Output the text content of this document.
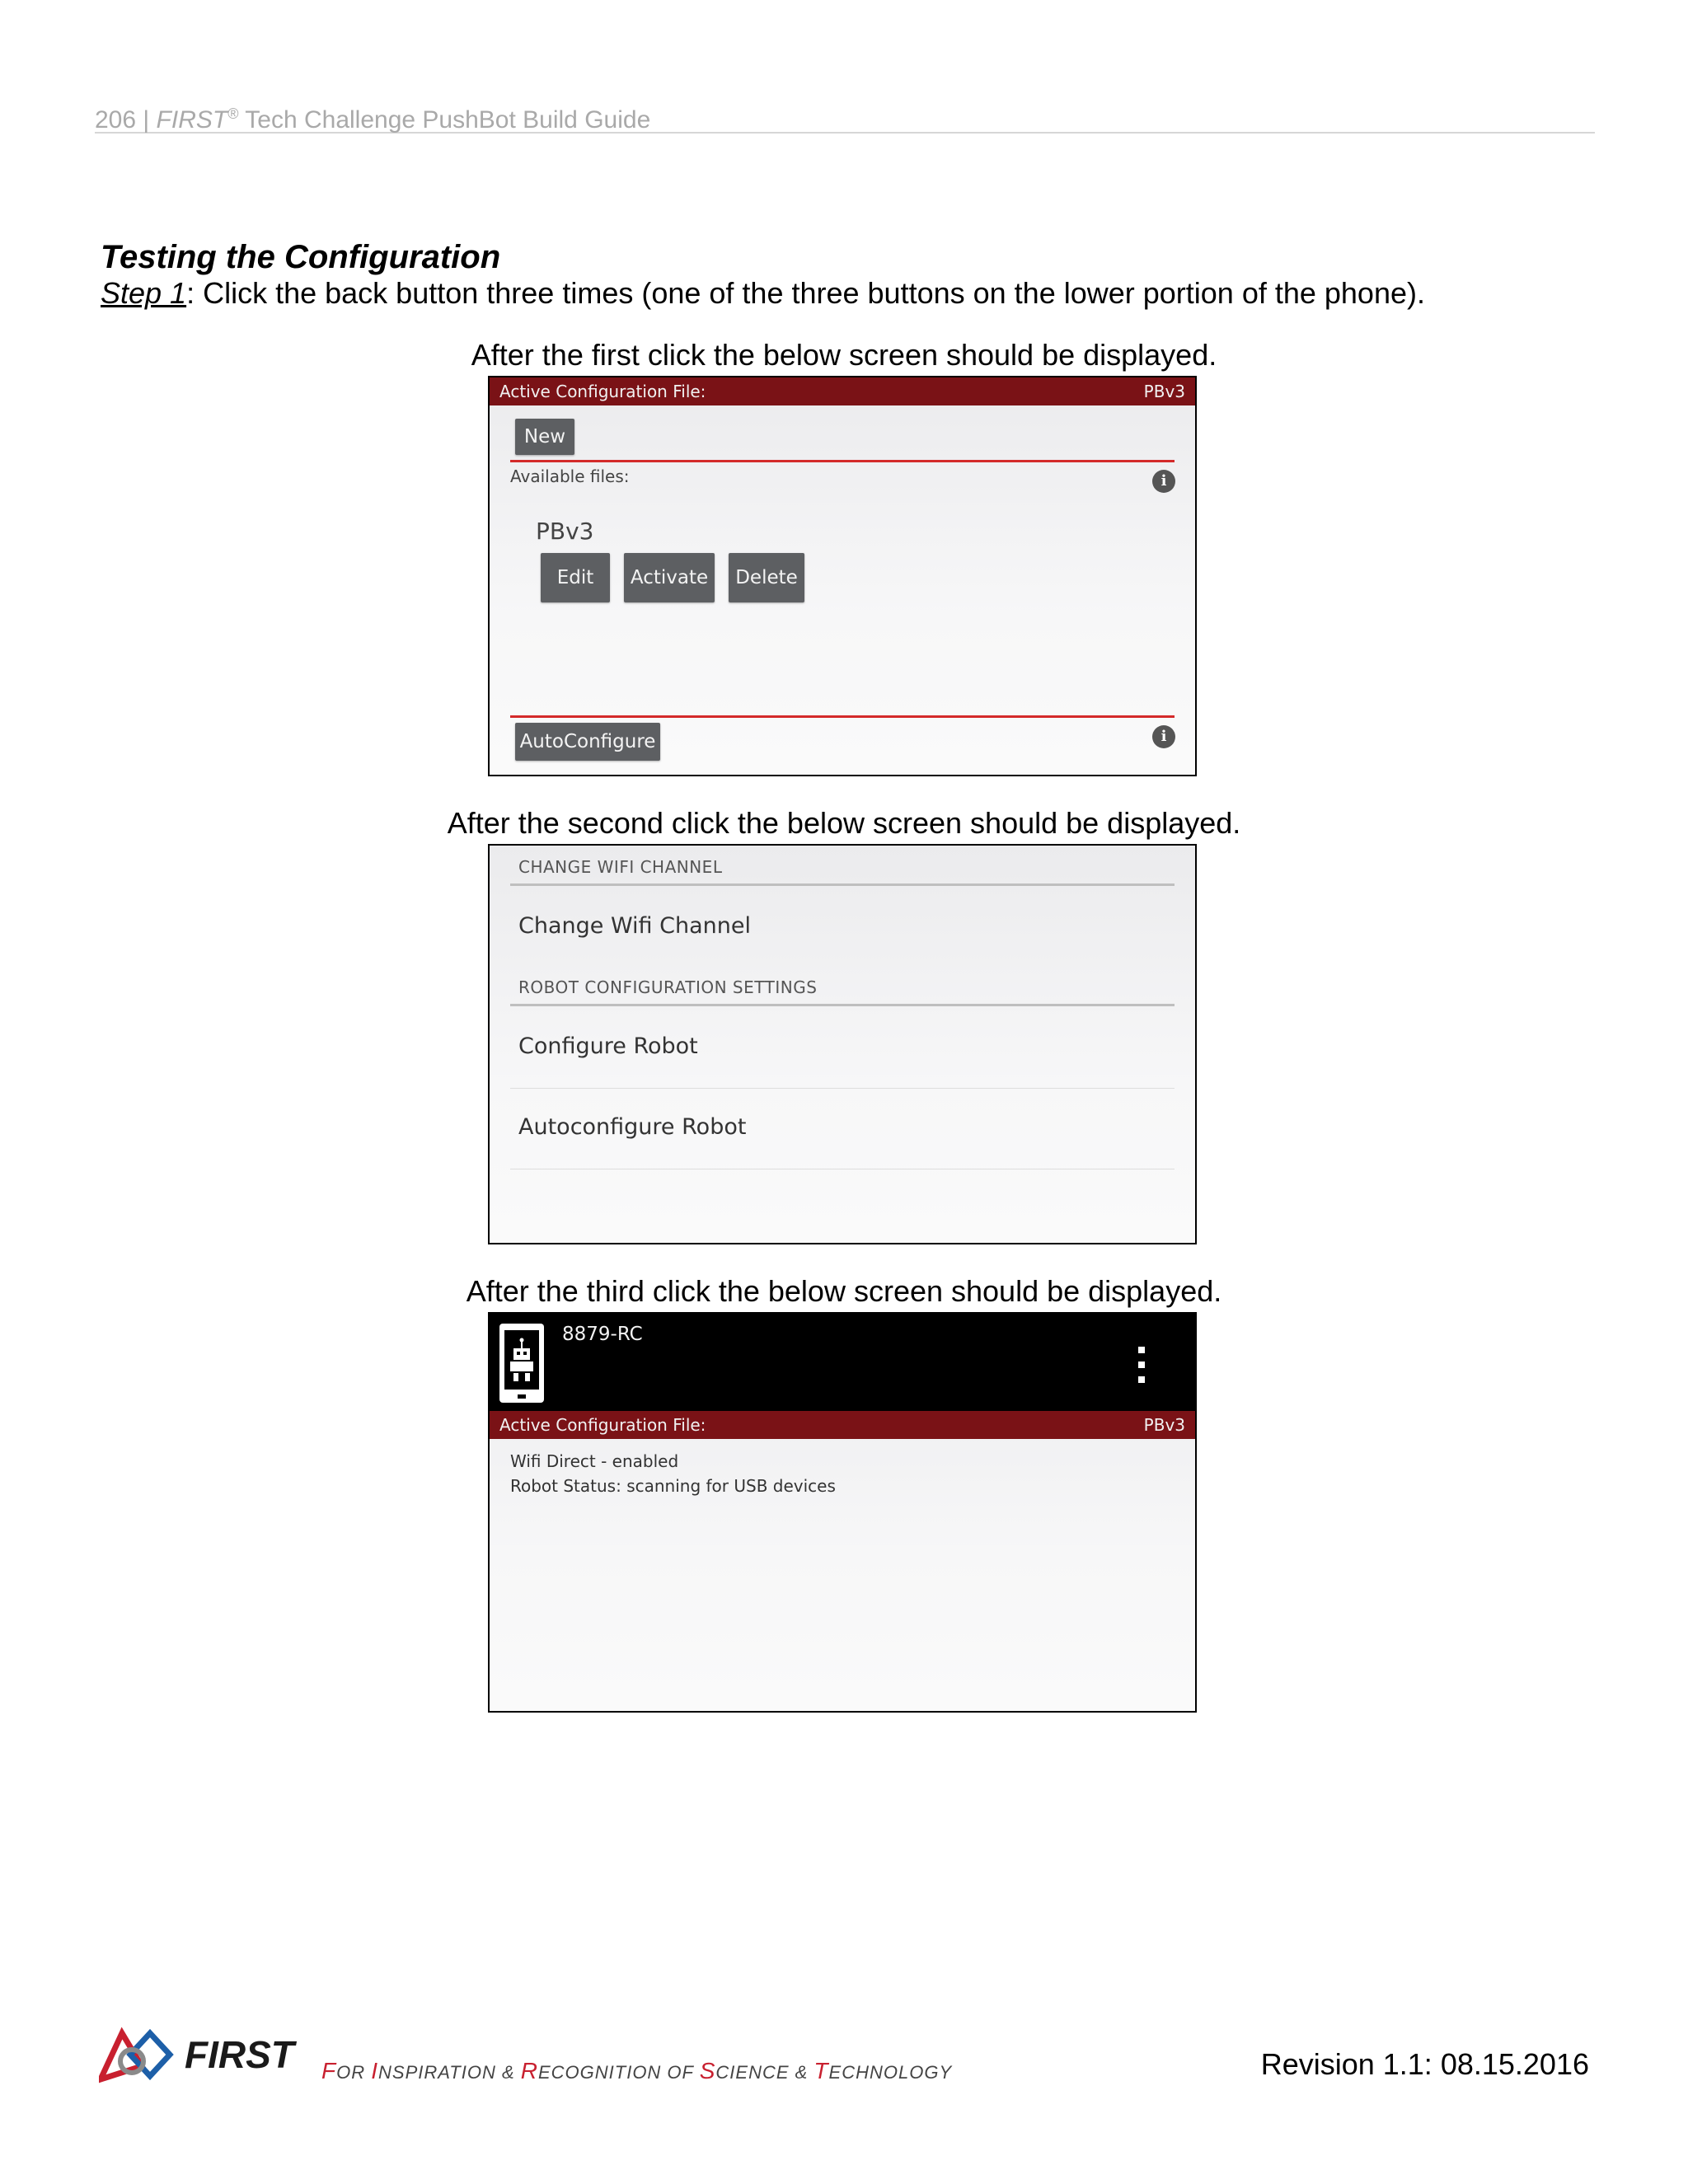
206 | FIRST® Tech Challenge PushBot Build Guide
Testing the Configuration
Step 1: Click the back button three times (one of the three buttons on the lower portion of the phone).
After the first click the below screen should be displayed.
Active Configuration File:	PBv3
New
Available files:	i
PBv3
Edit	Activate	Delete
AutoConfigure	i
After the second click the below screen should be displayed.
CHANGE WIFI CHANNEL
Change Wifi Channel
ROBOT CONFIGURATION SETTINGS
Configure Robot
Autoconfigure Robot
After the third click the below screen should be displayed.
8879-RC
Active Configuration File:	PBv3
Wifi Direct - enabled
Robot Status: scanning for USB devices
FIRST FOR INSPIRATION & RECOGNITION OF SCIENCE & TECHNOLOGY	Revision 1.1: 08.15.2016
